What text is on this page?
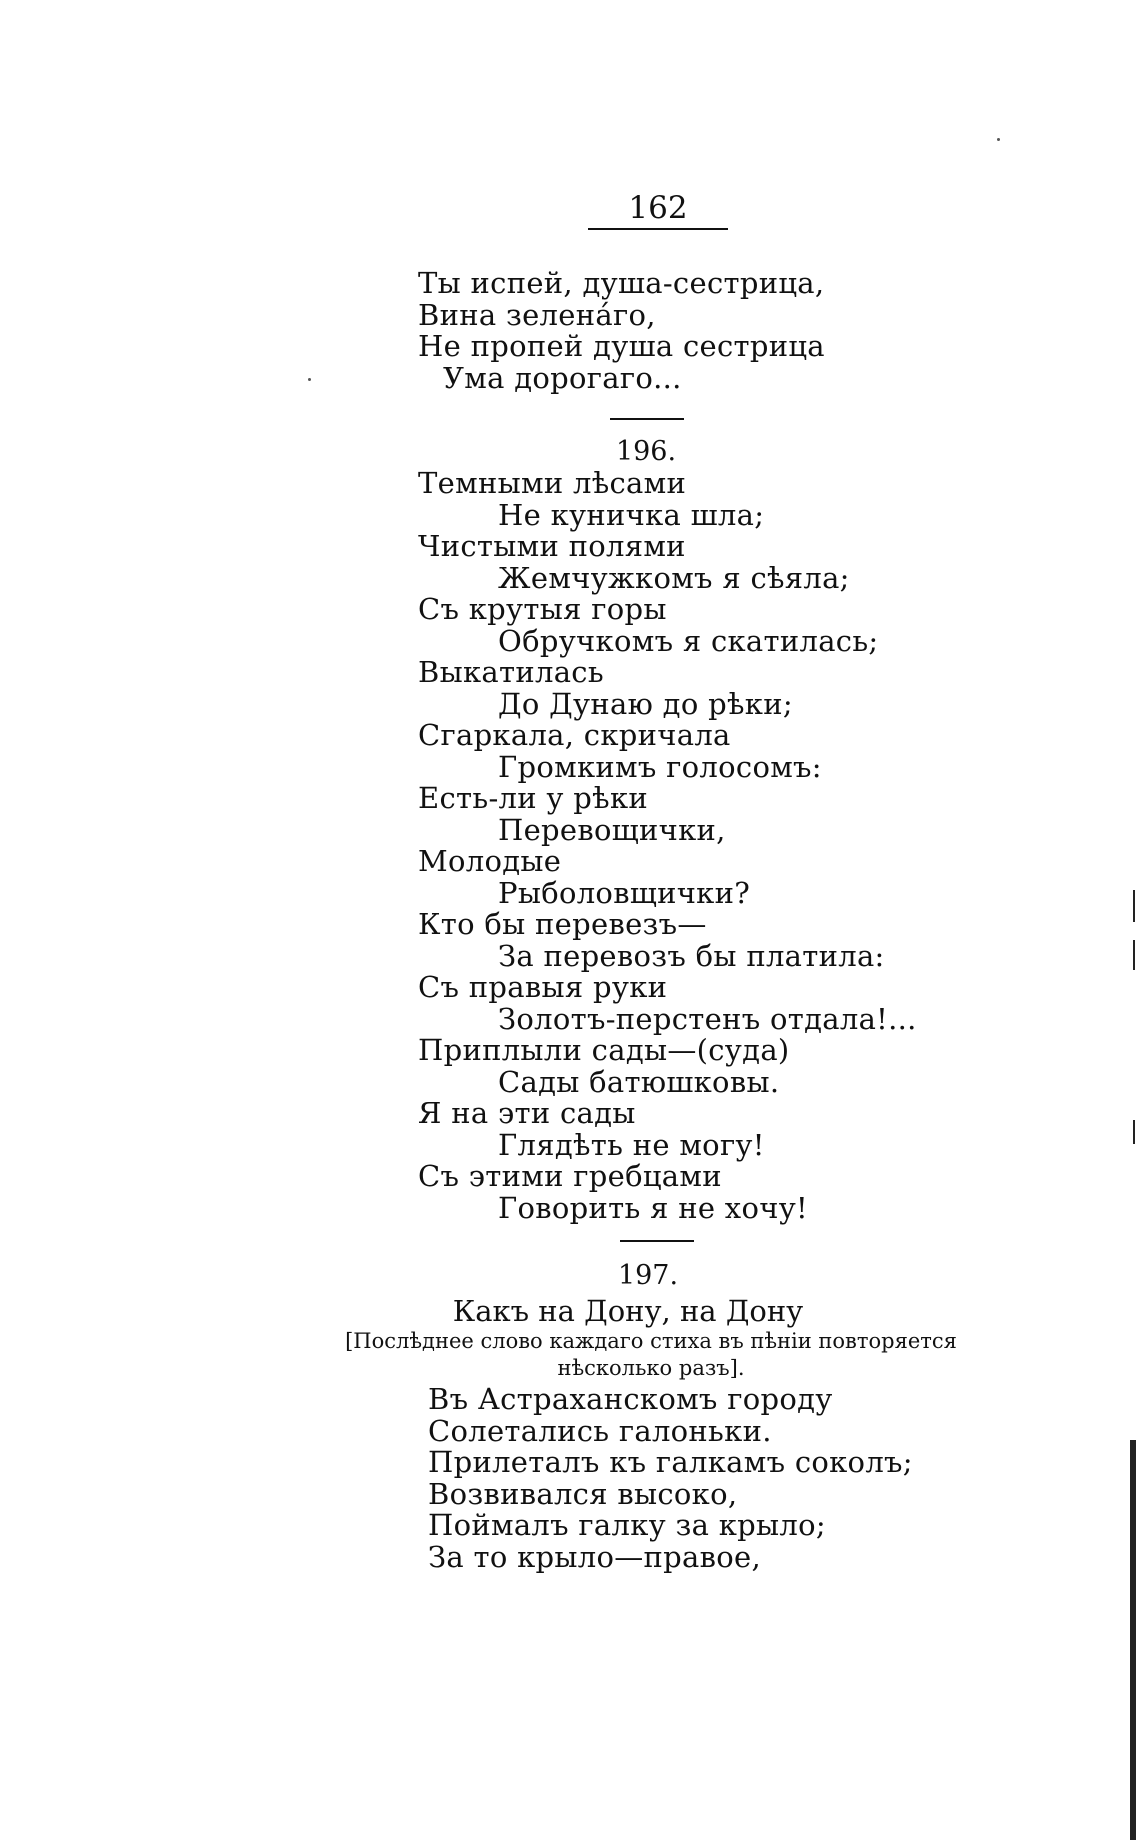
162
Ты испей, душа-сестрица,
Вина зеленáго,
Не пропей душа сестрица
Ума дорогаго...
196.
Темными лѣсами
Не куничка шла;
Чистыми полями
Жемчужкомъ я сѣяла;
Съ крутыя горы
Обручкомъ я скатилась;
Выкатилась
До Дунаю до рѣки;
Сгаркала, скричала
Громкимъ голосомъ:
Есть-ли у рѣки
Перевощички,
Молодые
Рыболовщички?
Кто бы перевезъ—
За перевозъ бы платила:
Съ правыя руки
Золотъ-перстенъ отдала!...
Приплыли сады—(суда)
Сады батюшковы.
Я на эти сады
Глядѣть не могу!
Съ этими гребцами
Говорить я не хочу!
197.
Какъ на Дону, на Дону
[Послѣднее слово каждаго стиха въ пѣніи повторяется нѣсколько разъ].
Въ Астраханскомъ городу
Солетались галоньки.
Прилеталъ къ галкамъ соколъ;
Возвивался высоко,
Поймалъ галку за крыло;
За то крыло—правое,
